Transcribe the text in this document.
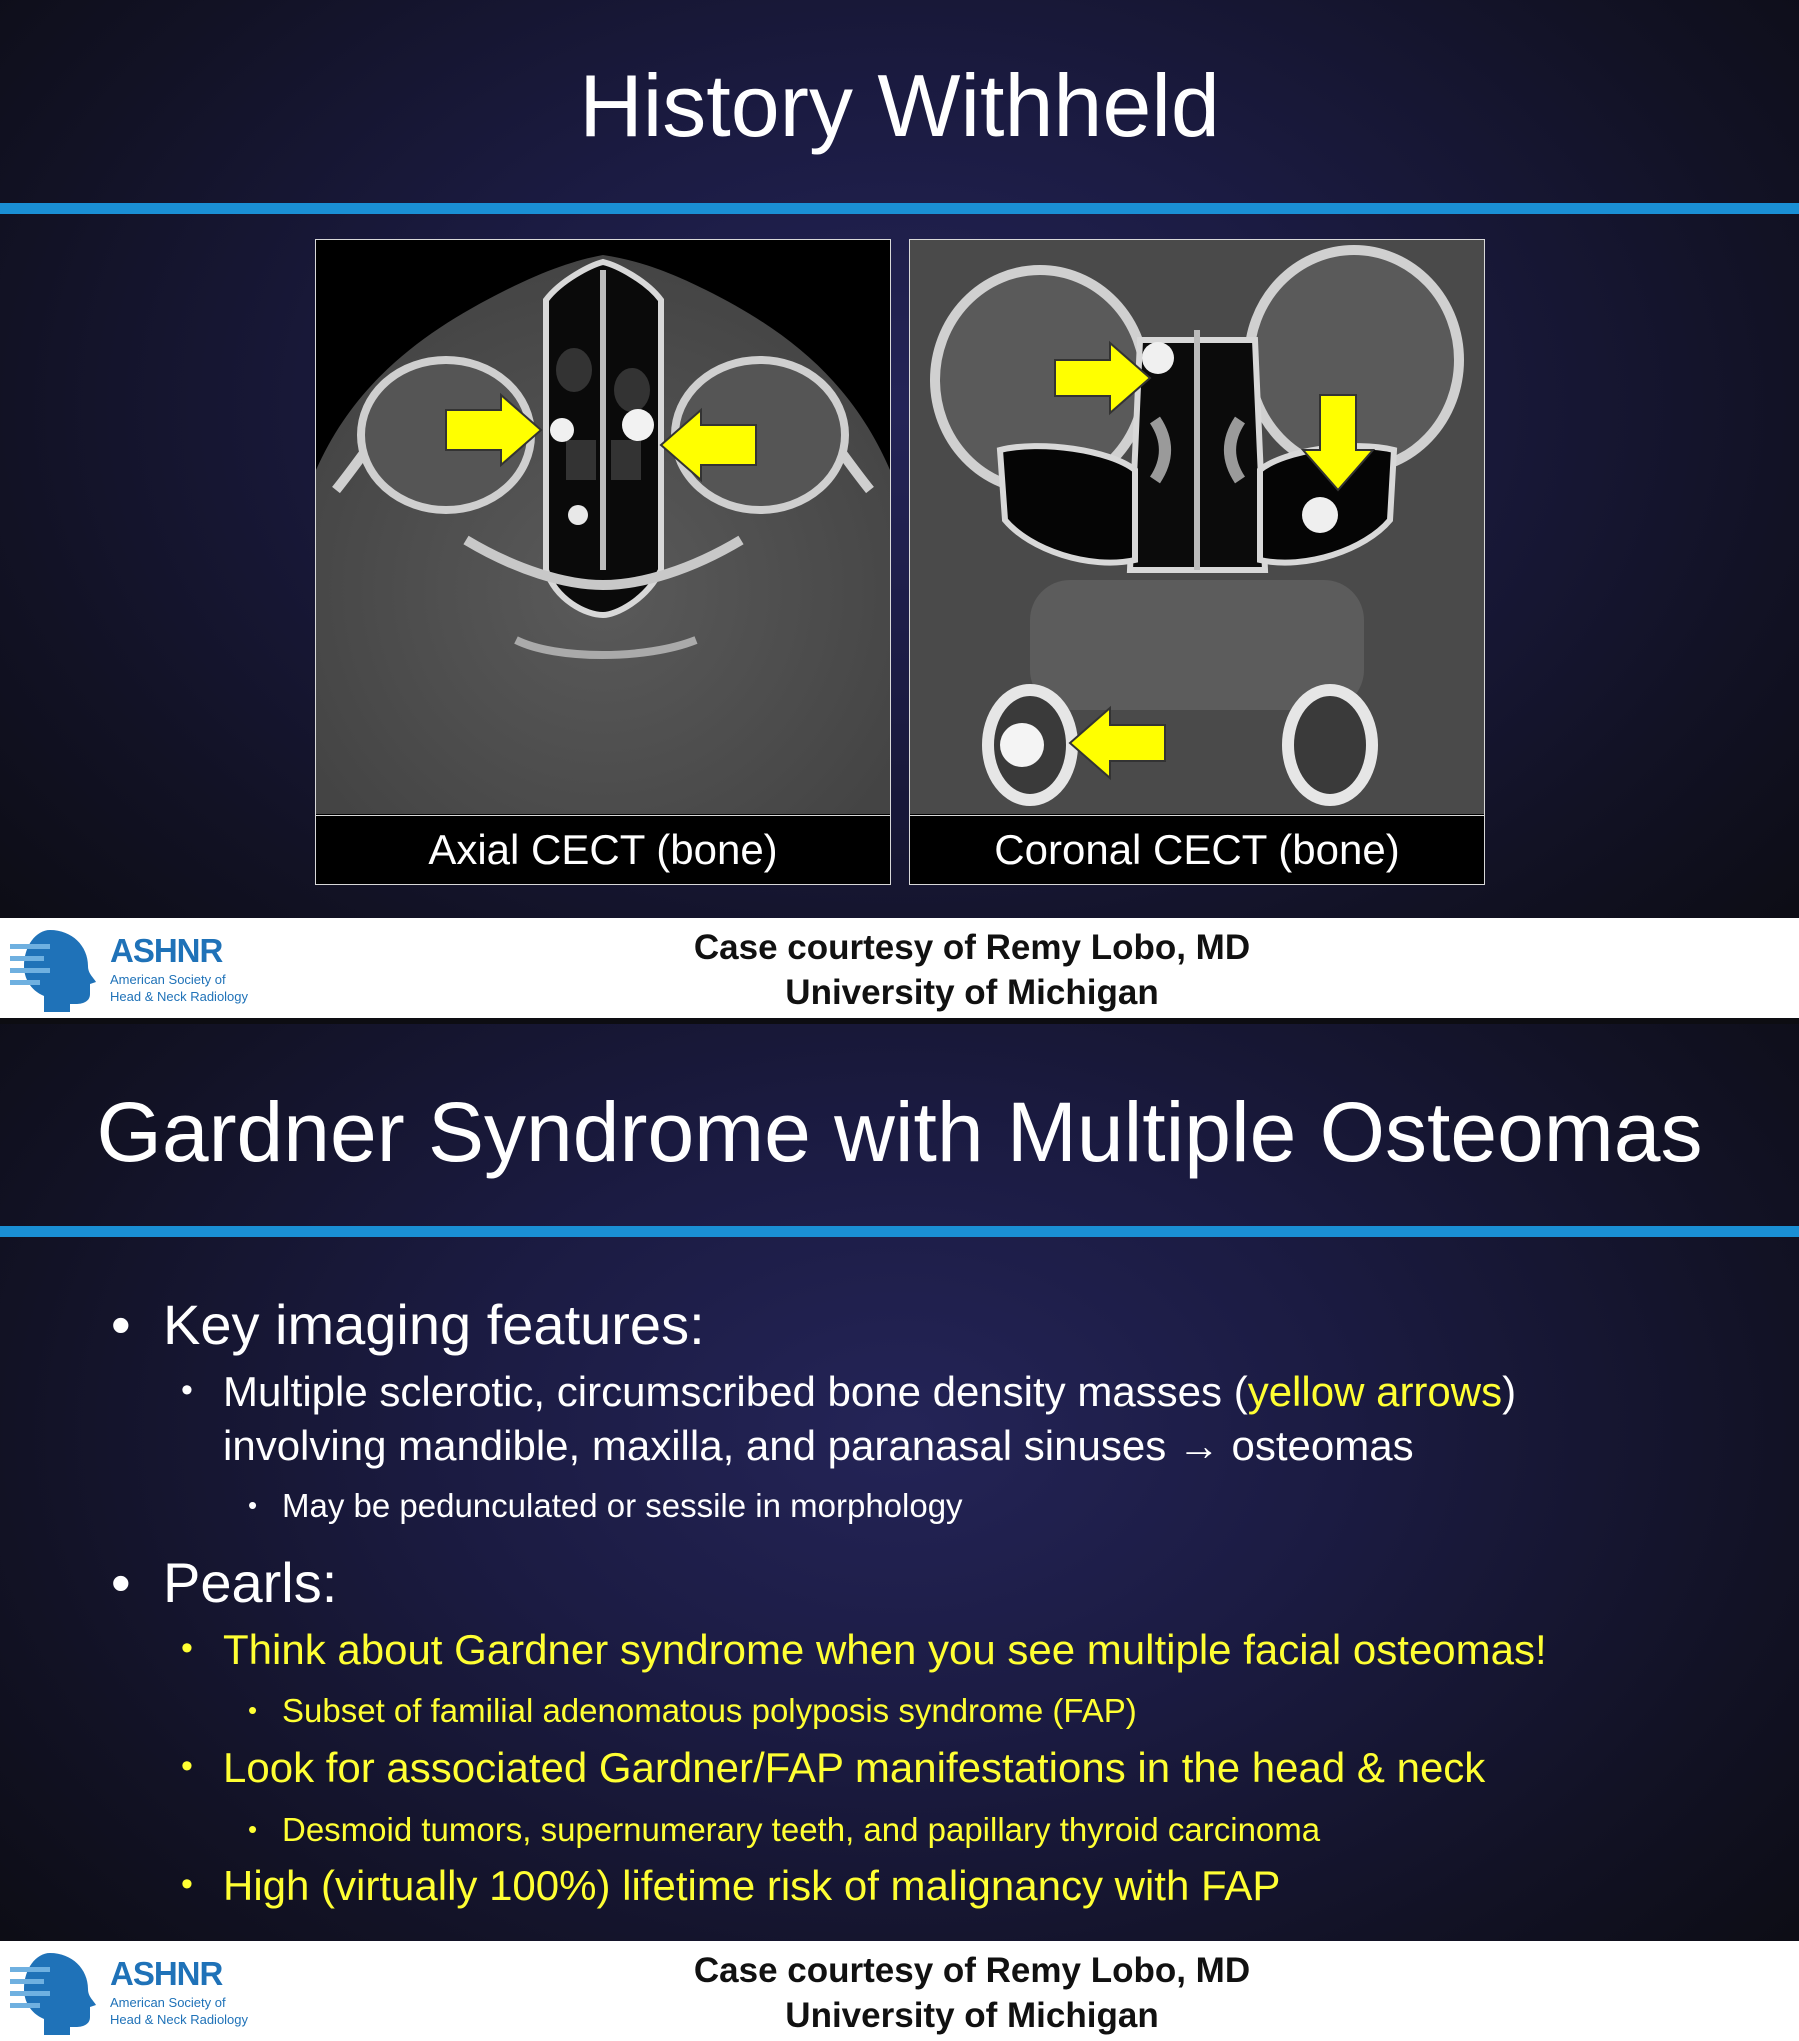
History Withheld
Axial CECT (bone)	Coronal CECT (bone)
ASHNR
American Society of
Head & Neck Radiology
Case courtesy of Remy Lobo, MD
University of Michigan
Gardner Syndrome with Multiple Osteomas
• Key imaging features:
• Multiple sclerotic, circumscribed bone density masses (yellow arrows)
involving mandible, maxilla, and paranasal sinuses → osteomas
• May be pedunculated or sessile in morphology
• Pearls:
• Think about Gardner syndrome when you see multiple facial osteomas!
• Subset of familial adenomatous polyposis syndrome (FAP)
• Look for associated Gardner/FAP manifestations in the head & neck
• Desmoid tumors, supernumerary teeth, and papillary thyroid carcinoma
• High (virtually 100%) lifetime risk of malignancy with FAP
ASHNR
American Society of
Head & Neck Radiology
Case courtesy of Remy Lobo, MD
University of Michigan
